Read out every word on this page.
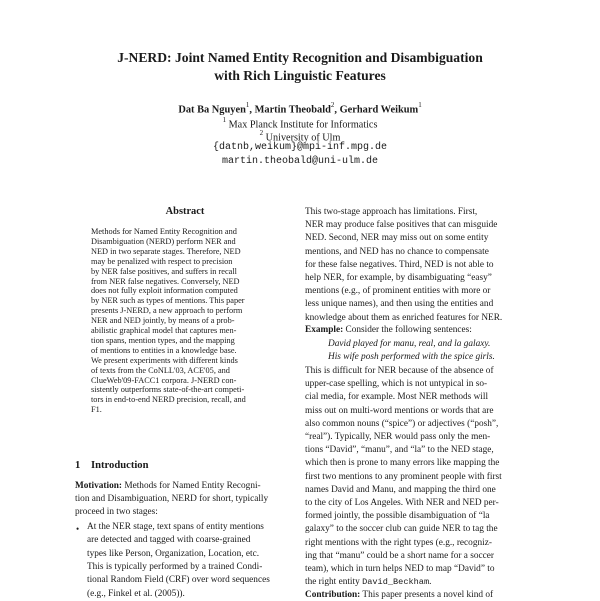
J-NERD: Joint Named Entity Recognition and Disambiguation
with Rich Linguistic Features
Dat Ba Nguyen$^1$, Martin Theobald$^2$, Gerhard Weikum$^1$
$^1$ Max Planck Institute for Informatics
$^2$ University of Ulm
{datnb,weikum}@mpi-inf.mpg.de
martin.theobald@uni-ulm.de
Abstract
Methods for Named Entity Recognition and
Disambiguation (NERD) perform NER and
NED in two separate stages. Therefore, NED
may be penalized with respect to precision
by NER false positives, and suffers in recall
from NER false negatives. Conversely, NED
does not fully exploit information computed
by NER such as types of mentions. This paper
presents J-NERD, a new approach to perform
NER and NED jointly, by means of a prob-
abilistic graphical model that captures men-
tion spans, mention types, and the mapping
of mentions to entities in a knowledge base.
We present experiments with different kinds
of texts from the CoNLL'03, ACE'05, and
ClueWeb'09-FACC1 corpora. J-NERD con-
sistently outperforms state-of-the-art competi-
tors in end-to-end NERD precision, recall, and
F1.
1 Introduction
Motivation: Methods for Named Entity Recogni-
tion and Disambiguation, NERD for short, typically
proceed in two stages:
• At the NER stage, text spans of entity mentions
are detected and tagged with coarse-grained
types like Person, Organization, Location, etc.
This is typically performed by a trained Condi-
tional Random Field (CRF) over word sequences
(e.g., Finkel et al. (2005)).
This two-stage approach has limitations. First,
NER may produce false positives that can misguide
NED. Second, NER may miss out on some entity
mentions, and NED has no chance to compensate
for these false negatives. Third, NED is not able to
help NER, for example, by disambiguating “easy”
mentions (e.g., of prominent entities with more or
less unique names), and then using the entities and
knowledge about them as enriched features for NER.
Example: Consider the following sentences:
David played for manu, real, and la galaxy.
His wife posh performed with the spice girls.
This is difficult for NER because of the absence of
upper-case spelling, which is not untypical in so-
cial media, for example. Most NER methods will
miss out on multi-word mentions or words that are
also common nouns (“spice”) or adjectives (“posh”,
“real”). Typically, NER would pass only the men-
tions “David”, “manu”, and “la” to the NED stage,
which then is prone to many errors like mapping the
first two mentions to any prominent people with first
names David and Manu, and mapping the third one
to the city of Los Angeles. With NER and NED per-
formed jointly, the possible disambiguation of “la
galaxy” to the soccer club can guide NER to tag the
right mentions with the right types (e.g., recogniz-
ing that “manu” could be a short name for a soccer
team), which in turn helps NED to map “David” to
the right entity David_Beckham.
Contribution: This paper presents a novel kind of
